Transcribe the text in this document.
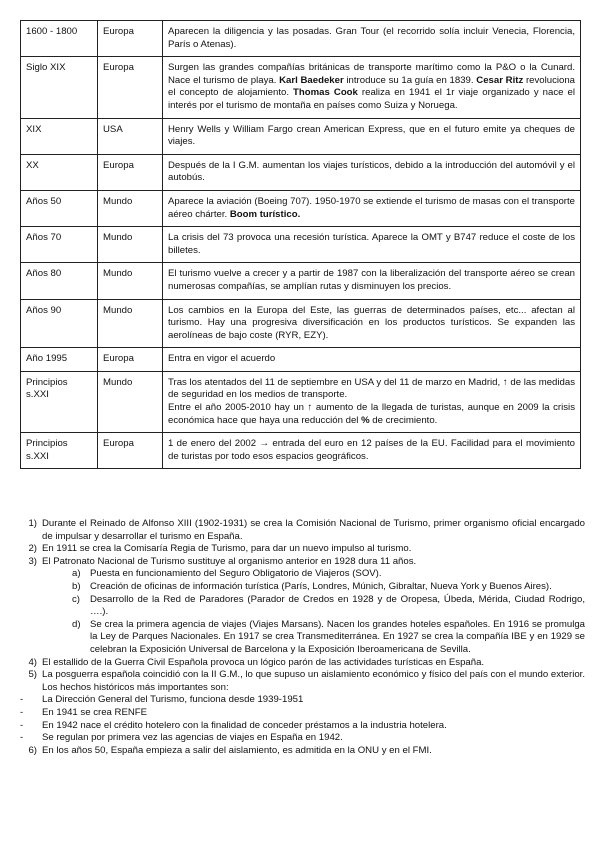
1600 - 1800	Europa	Aparecen la diligencia y las posadas. Gran Tour (el recorrido solía incluir Venecia, Florencia, París o Atenas).
Siglo XIX	Europa	Surgen las grandes compañías británicas de transporte marítimo como la P&O o la Cunard. Nace el turismo de playa. Karl Baedeker introduce su 1a guía en 1839. Cesar Ritz revoluciona el concepto de alojamiento. Thomas Cook realiza en 1941 el 1r viaje organizado y nace el interés por el turismo de montaña en países como Suiza y Noruega.
XIX	USA	Henry Wells y William Fargo crean American Express, que en el futuro emite ya cheques de viajes.
XX	Europa	Después de la I G.M. aumentan los viajes turísticos, debido a la introducción del automóvil y el autobús.
Años 50	Mundo	Aparece la aviación (Boeing 707). 1950-1970 se extiende el turismo de masas con el transporte aéreo chárter. Boom turístico.
Años 70	Mundo	La crisis del 73 provoca una recesión turística. Aparece la OMT y B747 reduce el coste de los billetes.
Años 80	Mundo	El turismo vuelve a crecer y a partir de 1987 con la liberalización del transporte aéreo se crean numerosas compañías, se amplían rutas y disminuyen los precios.
Años 90	Mundo	Los cambios en la Europa del Este, las guerras de determinados países, etc... afectan al turismo. Hay una progresiva diversificación en los productos turísticos. Se expanden las aerolíneas de bajo coste (RYR, EZY).
Año 1995	Europa	Entra en vigor el acuerdo
Principios s.XXI	Mundo	Tras los atentados del 11 de septiembre en USA y del 11 de marzo en Madrid, ↑ de las medidas de seguridad en los medios de transporte.
Entre el año 2005-2010 hay un ↑ aumento de la llegada de turistas, aunque en 2009 la crisis económica hace que haya una reducción del % de crecimiento.
Principios s.XXI	Europa	1 de enero del 2002 → entrada del euro en 12 países de la EU. Facilidad para el movimiento de turistas por todo esos espacios geográficos.
1) Durante el Reinado de Alfonso XIII (1902-1931) se crea la Comisión Nacional de Turismo, primer organismo oficial encargado de impulsar y desarrollar el turismo en España.
2) En 1911 se crea la Comisaría Regia de Turismo, para dar un nuevo impulso al turismo.
3) El Patronato Nacional de Turismo sustituye al organismo anterior en 1928 dura 11 años.
a) Puesta en funcionamiento del Seguro Obligatorio de Viajeros (SOV).
b) Creación de oficinas de información turística (París, Londres, Múnich, Gibraltar, Nueva York y Buenos Aires).
c)	Desarrollo de la Red de Paradores (Parador de Credos en 1928 y de Oropesa, Úbeda, Mérida, Ciudad Rodrigo, ….).
d) Se crea la primera agencia de viajes (Viajes Marsans). Nacen los grandes hoteles españoles. En 1916 se promulga la Ley de Parques Nacionales. En 1917 se crea Transmediterránea. En 1927 se crea la compañía IBE y en 1929 se celebran la Exposición Universal de Barcelona y la Exposición Iberoamericana de Sevilla.
4) El estallido de la Guerra Civil Española provoca un lógico parón de las actividades turísticas en España.
5) La posguerra española coincidió con la II G.M., lo que supuso un aislamiento económico y físico del país con el mundo exterior. Los hechos históricos más importantes son:
-	La Dirección General del Turismo, funciona desde 1939-1951
-	En 1941 se crea RENFE
-	En 1942 nace el crédito hotelero con la finalidad de conceder préstamos a la industria hotelera.
-	Se regulan por primera vez las agencias de viajes en España en 1942.
6) En los años 50, España empieza a salir del aislamiento, es admitida en la ONU y en el FMI.
